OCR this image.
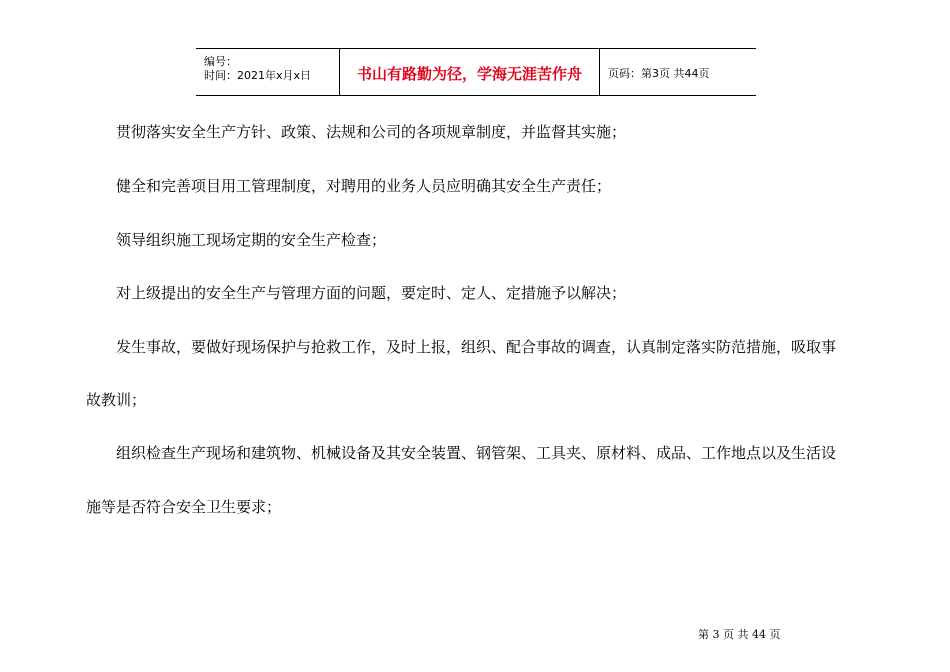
编号：
时间：2021年x月x日	书山有路勤为径，学海无涯苦作舟	页码：第3页 共44页

贯彻落实安全生产方针、政策、法规和公司的各项规章制度，并监督其实施；

健全和完善项目用工管理制度，对聘用的业务人员应明确其安全生产责任；

领导组织施工现场定期的安全生产检查；

对上级提出的安全生产与管理方面的问题，要定时、定人、定措施予以解决；

发生事故，要做好现场保护与抢救工作，及时上报，组织、配合事故的调查，认真制定落实防范措施，吸取事

故教训；

组织检查生产现场和建筑物、机械设备及其安全装置、钢管架、工具夹、原材料、成品、工作地点以及生活设

施等是否符合安全卫生要求；

第 3 页 共 44 页
